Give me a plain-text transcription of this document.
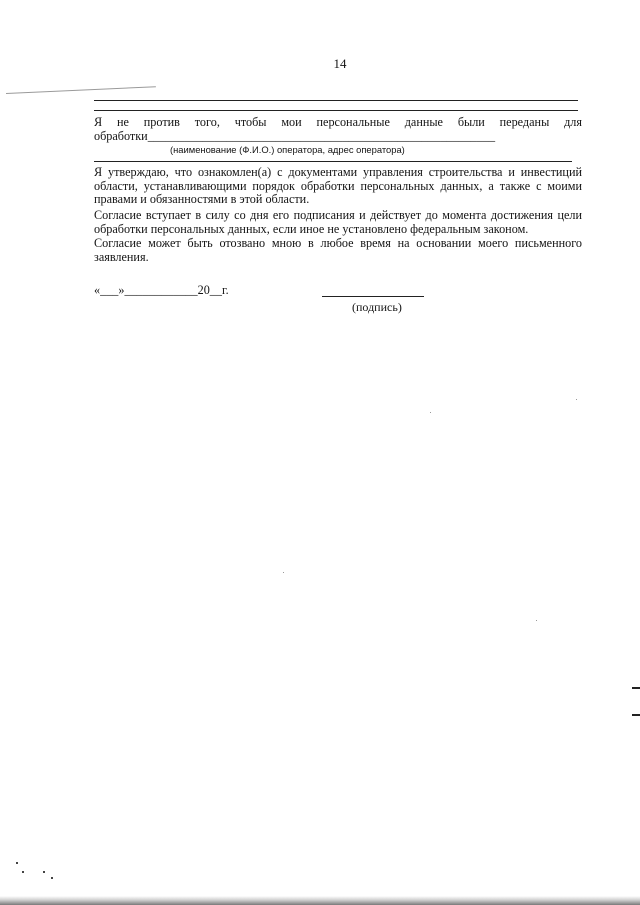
14
Я не против того, чтобы мои персональные данные были переданы для
обработки_________________________________________________________
(наименование (Ф.И.О.) оператора, адрес оператора)
Я утверждаю, что ознакомлен(а) с документами управления строительства и инвестиций области, устанавливающими порядок обработки персональных данных, а также с моими правами и обязанностями в этой области.
Согласие вступает в силу со дня его подписания и действует до момента достижения цели обработки персональных данных, если иное не установлено федеральным законом.
Согласие может быть отозвано мною в любое время на основании моего письменного заявления.
«___»____________20__г.
(подпись)
